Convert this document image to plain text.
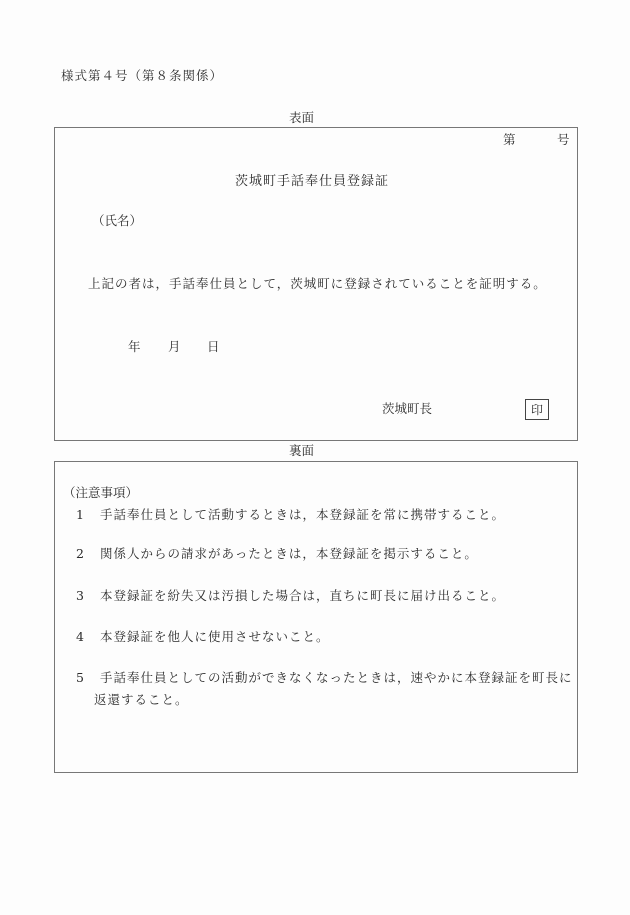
様式第４号（第８条関係）
表面
第	号
茨城町手話奉仕員登録証
（氏名）
上記の者は，手話奉仕員として，茨城町に登録されていることを証明する。
年 月 日
茨城町長	印
裏面
（注意事項）
1 手話奉仕員として活動するときは，本登録証を常に携帯すること。
2 関係人からの請求があったときは，本登録証を掲示すること。
3 本登録証を紛失又は汚損した場合は，直ちに町長に届け出ること。
4 本登録証を他人に使用させないこと。
5 手話奉仕員としての活動ができなくなったときは，速やかに本登録証を町長に
返還すること。
